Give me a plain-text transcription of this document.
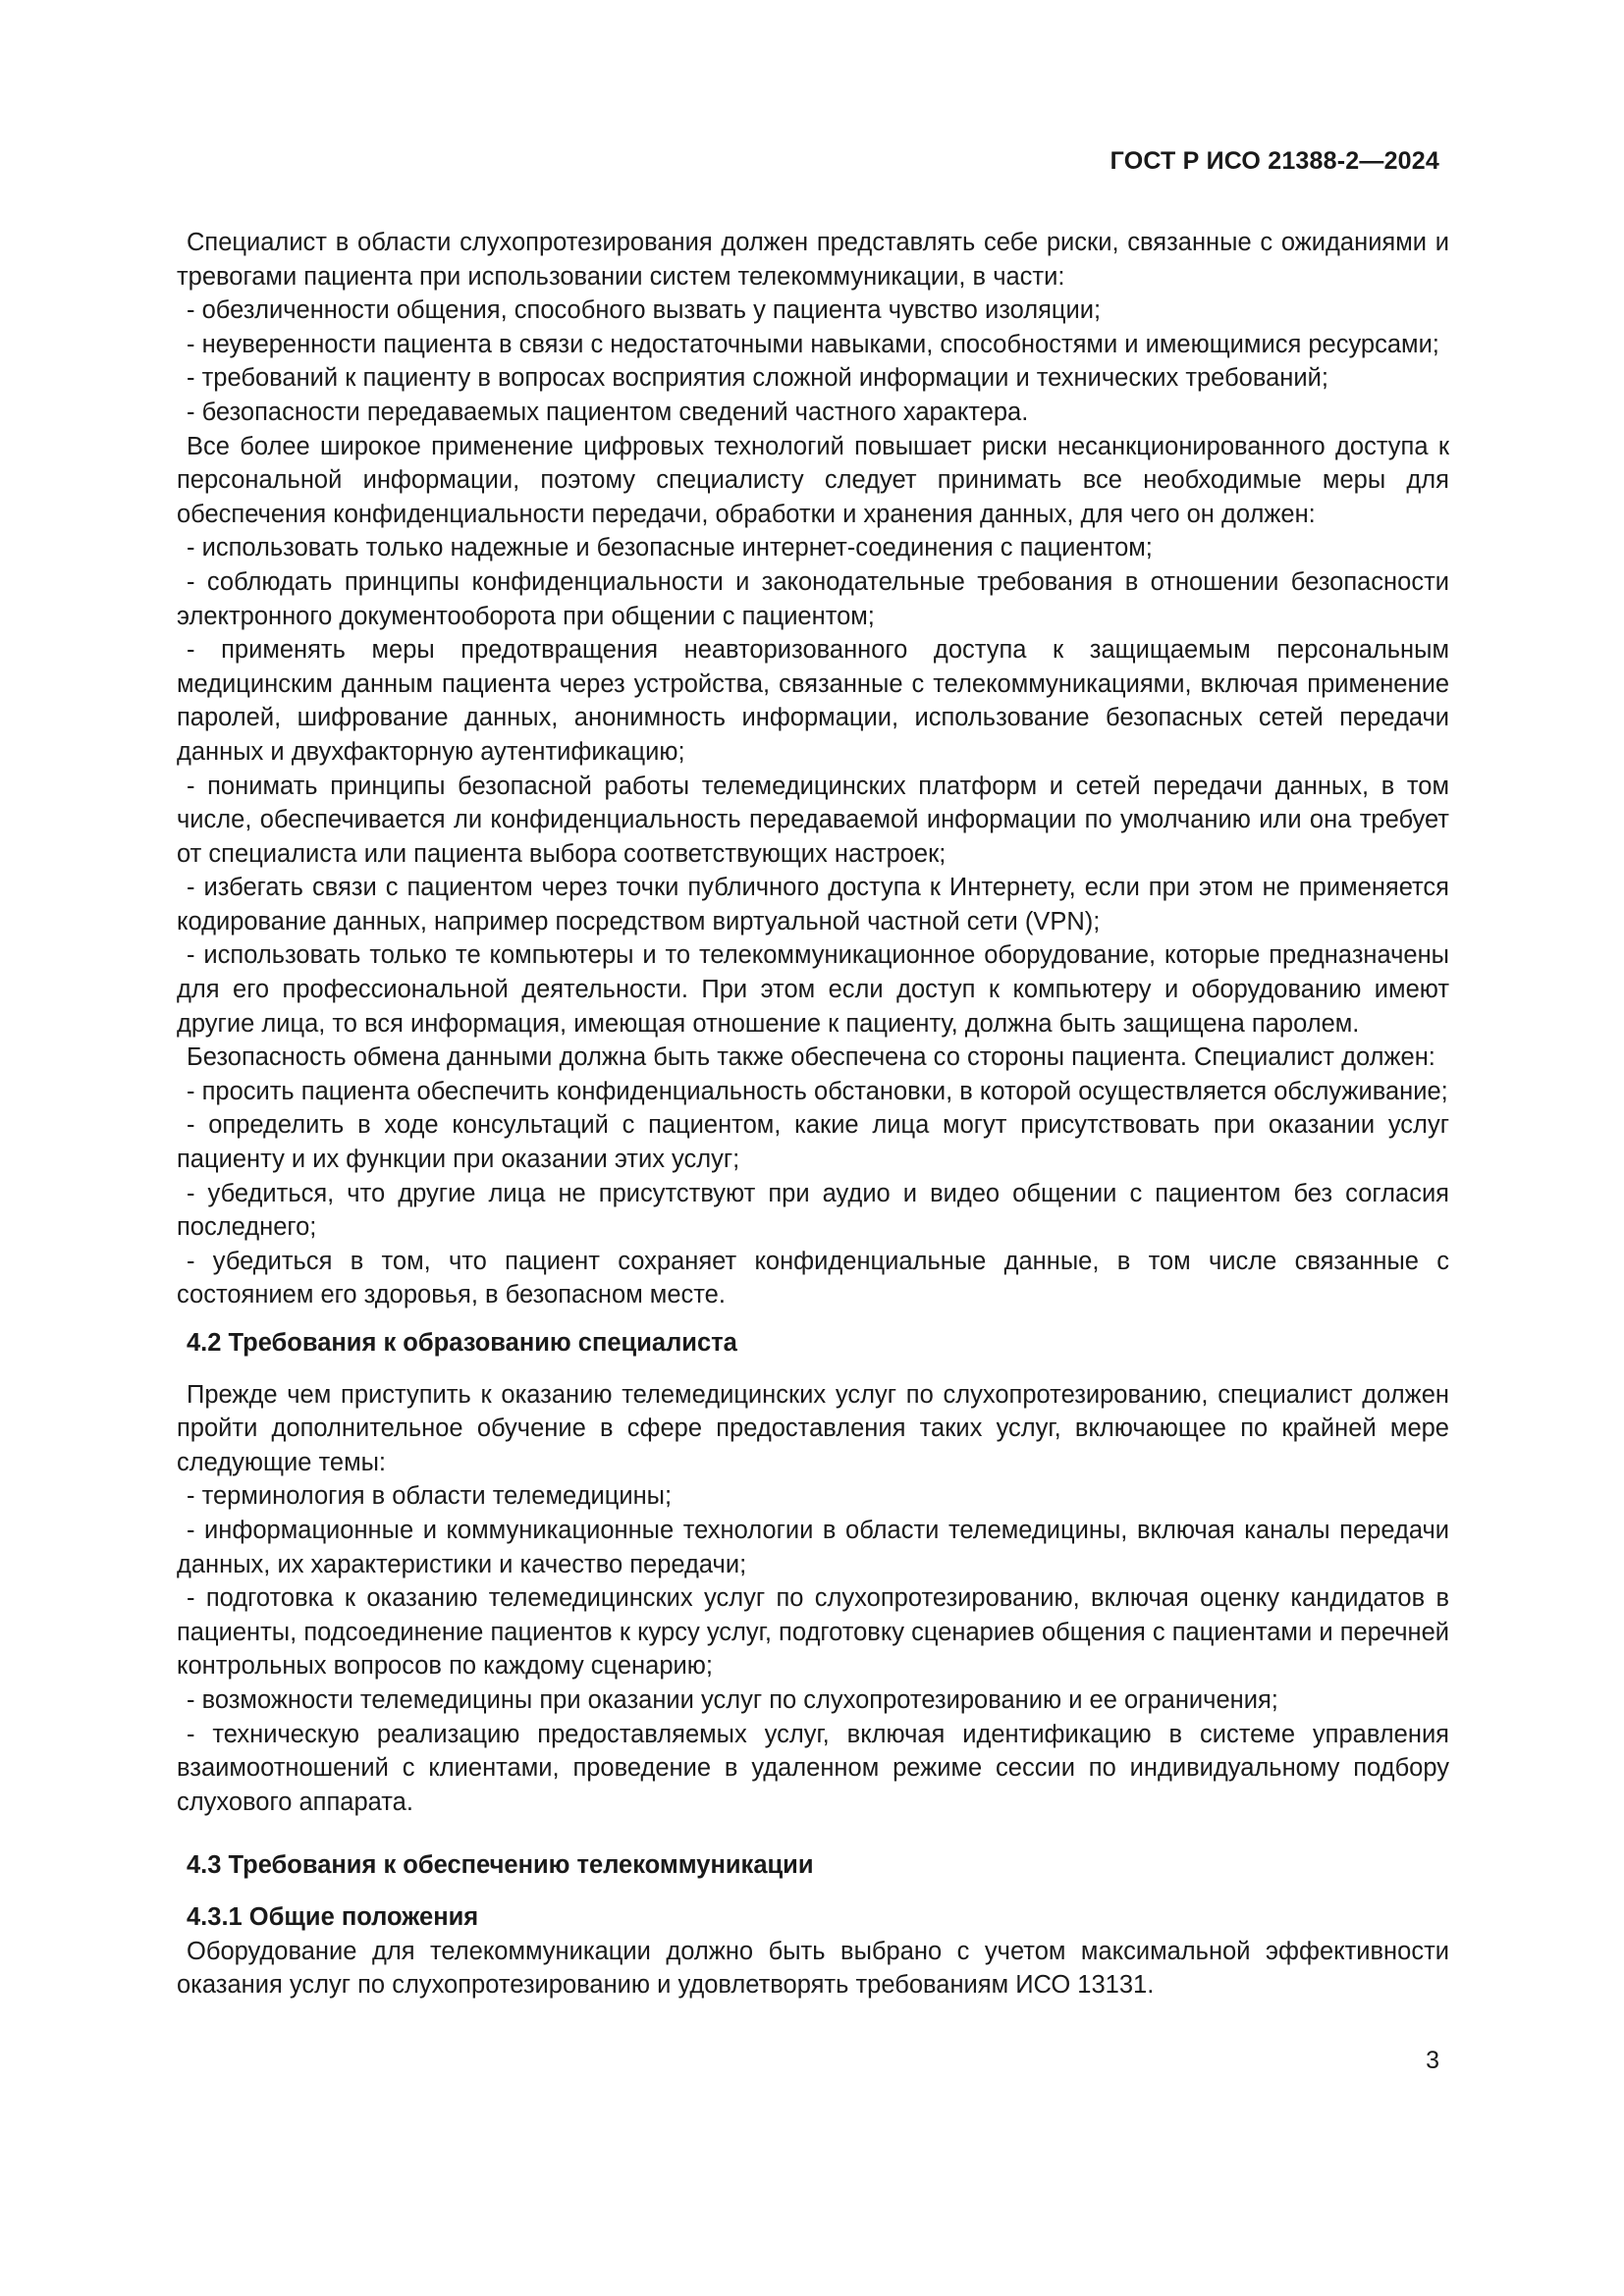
ГОСТ Р ИСО 21388-2—2024

Специалист в области слухопротезирования должен представлять себе риски, связанные с ожиданиями и тревогами пациента при использовании систем телекоммуникации, в части:

- обезличенности общения, способного вызвать у пациента чувство изоляции;

- неуверенности пациента в связи с недостаточными навыками, способностями и имеющимися ресурсами;

- требований к пациенту в вопросах восприятия сложной информации и технических требований;

- безопасности передаваемых пациентом сведений частного характера.

Все более широкое применение цифровых технологий повышает риски несанкционированного доступа к персональной информации, поэтому специалисту следует принимать все необходимые меры для обеспечения конфиденциальности передачи, обработки и хранения данных, для чего он должен:

- использовать только надежные и безопасные интернет-соединения с пациентом;

- соблюдать принципы конфиденциальности и законодательные требования в отношении безопасности электронного документооборота при общении с пациентом;

- применять меры предотвращения неавторизованного доступа к защищаемым персональным медицинским данным пациента через устройства, связанные с телекоммуникациями, включая применение паролей, шифрование данных, анонимность информации, использование безопасных сетей передачи данных и двухфакторную аутентификацию;

- понимать принципы безопасной работы телемедицинских платформ и сетей передачи данных, в том числе, обеспечивается ли конфиденциальность передаваемой информации по умолчанию или она требует от специалиста или пациента выбора соответствующих настроек;

- избегать связи с пациентом через точки публичного доступа к Интернету, если при этом не применяется кодирование данных, например посредством виртуальной частной сети (VPN);

- использовать только те компьютеры и то телекоммуникационное оборудование, которые предназначены для его профессиональной деятельности. При этом если доступ к компьютеру и оборудованию имеют другие лица, то вся информация, имеющая отношение к пациенту, должна быть защищена паролем.

Безопасность обмена данными должна быть также обеспечена со стороны пациента. Специалист должен:

- просить пациента обеспечить конфиденциальность обстановки, в которой осуществляется обслуживание;

- определить в ходе консультаций с пациентом, какие лица могут присутствовать при оказании услуг пациенту и их функции при оказании этих услуг;

- убедиться, что другие лица не присутствуют при аудио и видео общении с пациентом без согласия последнего;

- убедиться в том, что пациент сохраняет конфиденциальные данные, в том числе связанные с состоянием его здоровья, в безопасном месте.

4.2 Требования к образованию специалиста

Прежде чем приступить к оказанию телемедицинских услуг по слухопротезированию, специалист должен пройти дополнительное обучение в сфере предоставления таких услуг, включающее по крайней мере следующие темы:

- терминология в области телемедицины;

- информационные и коммуникационные технологии в области телемедицины, включая каналы передачи данных, их характеристики и качество передачи;

- подготовка к оказанию телемедицинских услуг по слухопротезированию, включая оценку кандидатов в пациенты, подсоединение пациентов к курсу услуг, подготовку сценариев общения с пациентами и перечней контрольных вопросов по каждому сценарию;

- возможности телемедицины при оказании услуг по слухопротезированию и ее ограничения;

- техническую реализацию предоставляемых услуг, включая идентификацию в системе управления взаимоотношений с клиентами, проведение в удаленном режиме сессии по индивидуальному подбору слухового аппарата.

4.3 Требования к обеспечению телекоммуникации
4.3.1 Общие положения

Оборудование для телекоммуникации должно быть выбрано с учетом максимальной эффективности оказания услуг по слухопротезированию и удовлетворять требованиям ИСО 13131.

3
